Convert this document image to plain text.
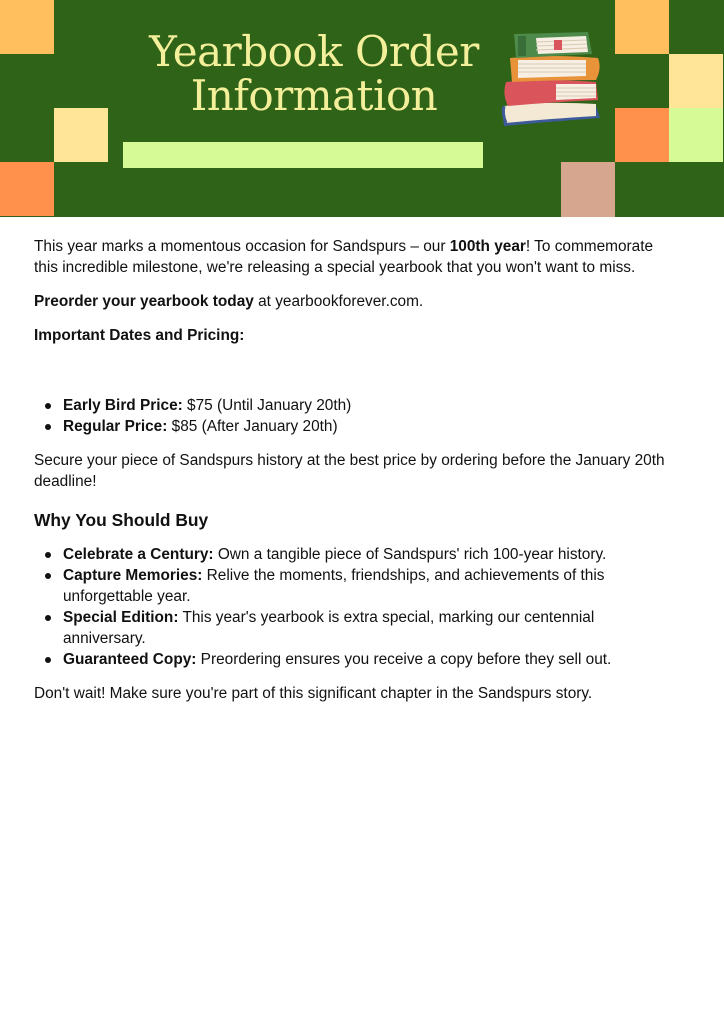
Yearbook Order
Information

This year marks a momentous occasion for Sandspurs – our 100th year! To commemorate this incredible milestone, we're releasing a special yearbook that you won't want to miss.

Preorder your yearbook today at yearbookforever.com.

Important Dates and Pricing:

Early Bird Price: $75 (Until January 20th)
Regular Price: $85 (After January 20th)

Secure your piece of Sandspurs history at the best price by ordering before the January 20th deadline!

Why You Should Buy
Celebrate a Century: Own a tangible piece of Sandspurs' rich 100-year history.
Capture Memories: Relive the moments, friendships, and achievements of this unforgettable year.
Special Edition: This year's yearbook is extra special, marking our centennial anniversary.
Guaranteed Copy: Preordering ensures you receive a copy before they sell out.

Don't wait! Make sure you're part of this significant chapter in the Sandspurs story.
